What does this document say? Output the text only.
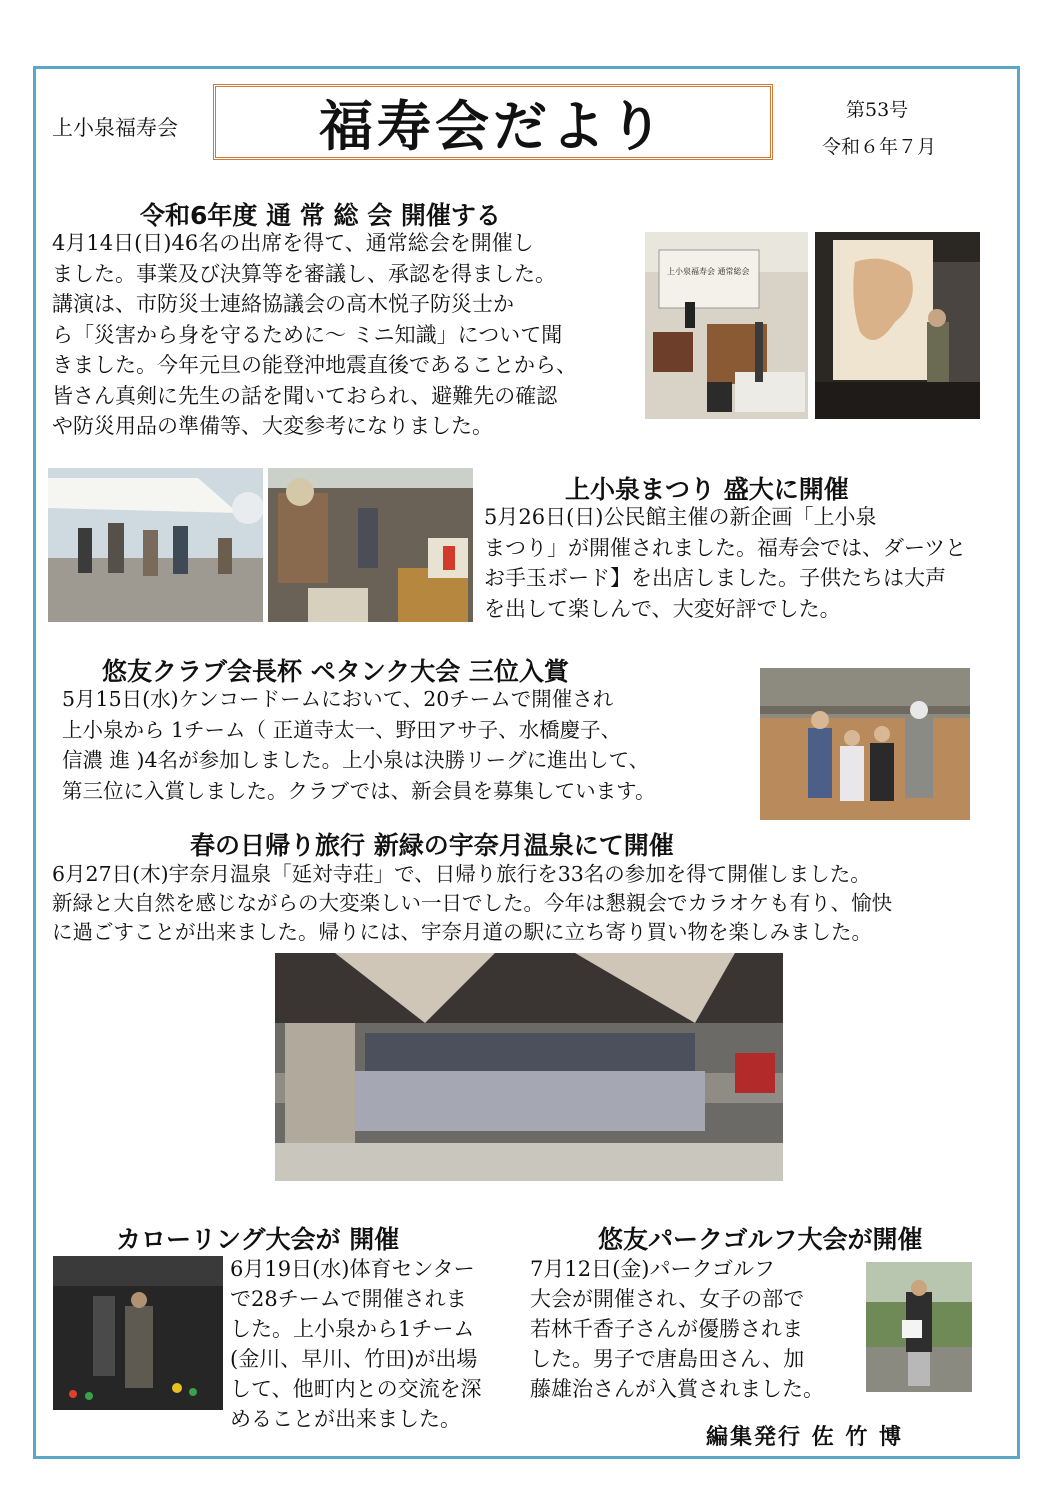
上小泉福寿会	福寿会だより	第53号
令和６年７月
令和6年度 通 常 総 会 開催する
4月14日(日)46名の出席を得て、通常総会を開催し
ました。事業及び決算等を審議し、承認を得ました。
講演は、市防災士連絡協議会の高木悦子防災士か
ら「災害から身を守るために～ ミニ知識」について聞
きました。今年元旦の能登沖地震直後であることから、
皆さん真剣に先生の話を聞いておられ、避難先の確認
や防災用品の準備等、大変参考になりました。
上小泉福寿会 通常総会
上小泉まつり 盛大に開催
5月26日(日)公民館主催の新企画「上小泉
まつり」が開催されました。福寿会では、ダーツと
お手玉ボード】を出店しました。子供たちは大声
を出して楽しんで、大変好評でした。
悠友クラブ会長杯 ペタンク大会 三位入賞
5月15日(水)ケンコードームにおいて、20チームで開催され
上小泉から 1チーム（ 正道寺太一、野田アサ子、水橋慶子、
信濃 進 )4名が参加しました。上小泉は決勝リーグに進出して、
第三位に入賞しました。クラブでは、新会員を募集しています。
春の日帰り旅行 新緑の宇奈月温泉にて開催
6月27日(木)宇奈月温泉「延対寺荘」で、日帰り旅行を33名の参加を得て開催しました。
新緑と大自然を感じながらの大変楽しい一日でした。今年は懇親会でカラオケも有り、愉快
に過ごすことが出来ました。帰りには、宇奈月道の駅に立ち寄り買い物を楽しみました。
カローリング大会が 開催
6月19日(水)体育センター
で28チームで開催されま
した。上小泉から1チーム
(金川、早川、竹田)が出場
して、他町内との交流を深
めることが出来ました。
悠友パークゴルフ大会が開催
7月12日(金)パークゴルフ
大会が開催され、女子の部で
若林千香子さんが優勝されま
した。男子で唐島田さん、加
藤雄治さんが入賞されました。
編集発行 佐 竹 博
